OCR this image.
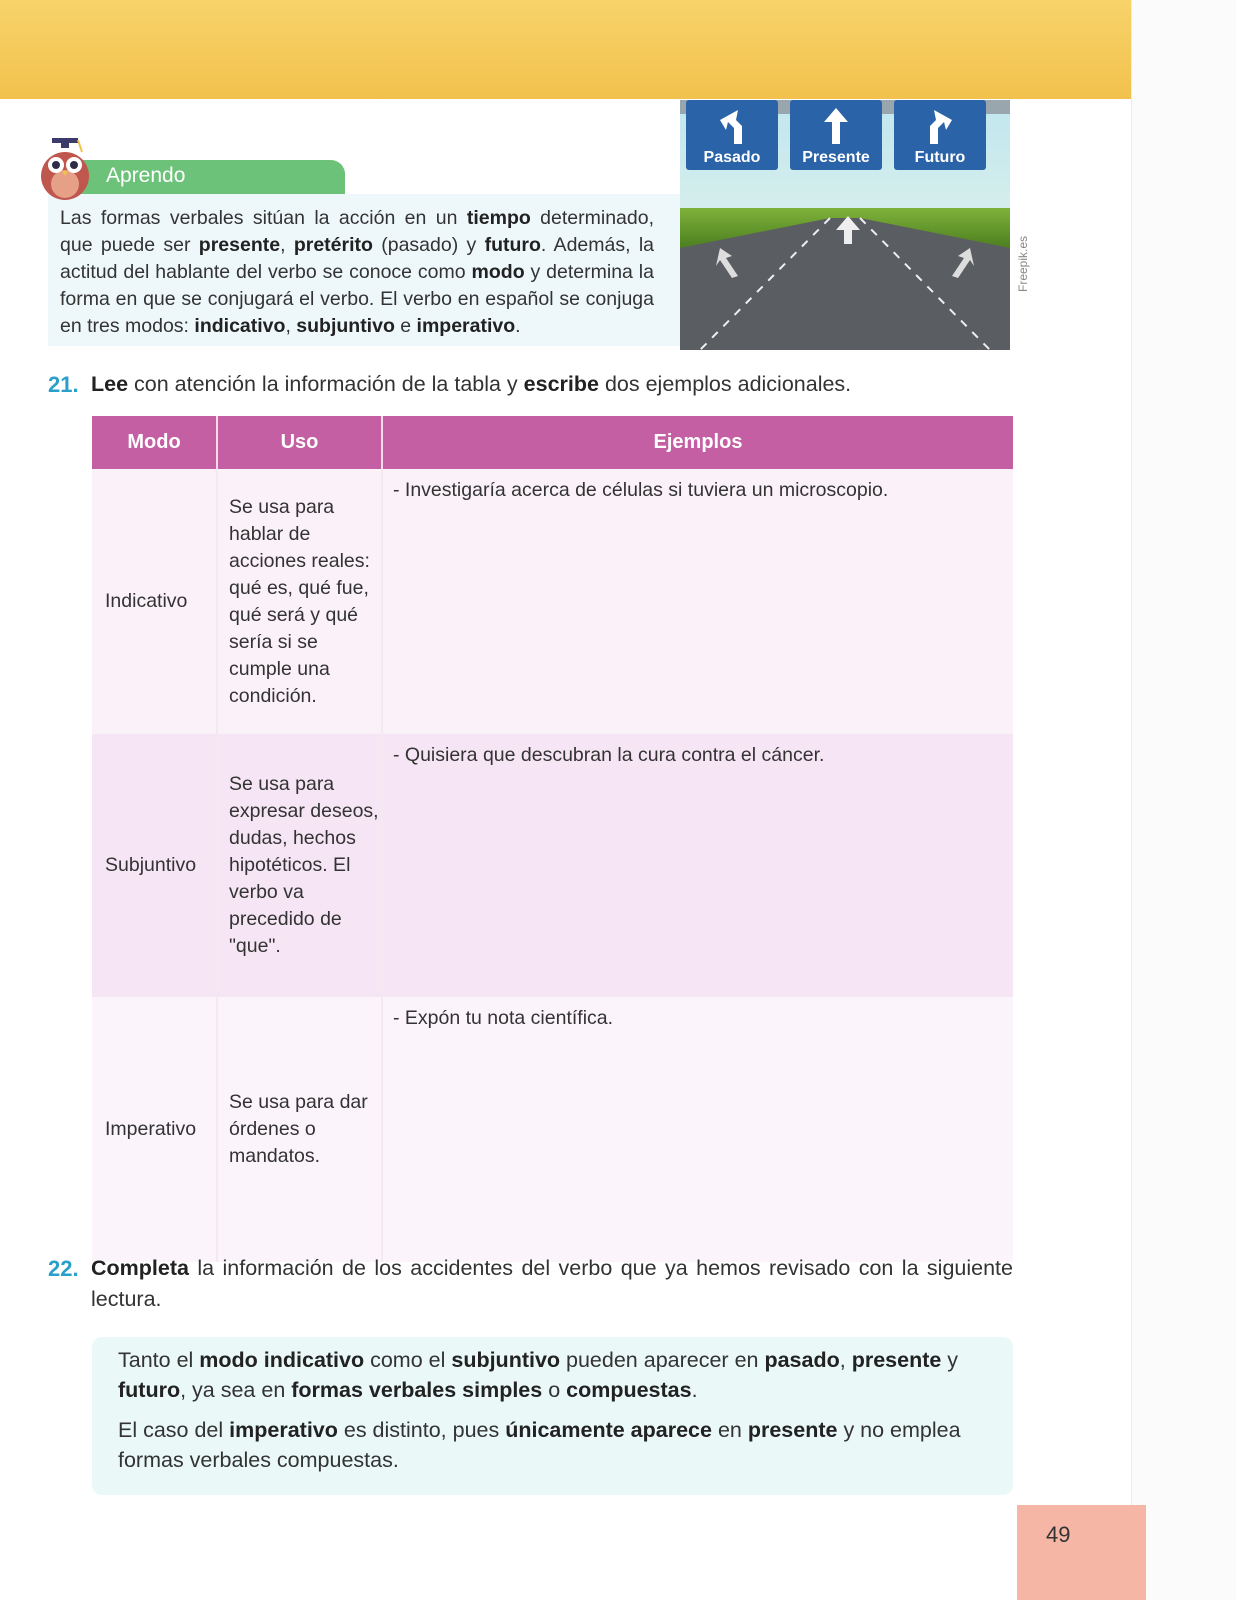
Aprendo
Las formas verbales sitúan la acción en un tiempo determinado, que puede ser presente, pretérito (pasado) y futuro. Además, la actitud del hablante del verbo se conoce como modo y determina la forma en que se conjugará el verbo. El verbo en español se conjuga en tres modos: indicativo, subjuntivo e imperativo.
Pasado	Presente	Futuro
Freepik.es
21. Lee con atención la información de la tabla y escribe dos ejemplos adicionales.
Modo	Uso	Ejemplos
Indicativo	Se usa para hablar de acciones reales: qué es, qué fue, qué será y qué sería si se cumple una condición.	- Investigaría acerca de células si tuviera un microscopio.
Subjuntivo	Se usa para expresar deseos, dudas, hechos hipotéticos. El verbo va precedido de "que".	- Quisiera que descubran la cura contra el cáncer.
Imperativo	Se usa para dar órdenes o mandatos.	- Expón tu nota científica.
22. Completa la información de los accidentes del verbo que ya hemos revisado con la siguiente lectura.
Tanto el modo indicativo como el subjuntivo pueden aparecer en pasado, presente y futuro, ya sea en formas verbales simples o compuestas.
El caso del imperativo es distinto, pues únicamente aparece en presente y no emplea formas verbales compuestas.
49
